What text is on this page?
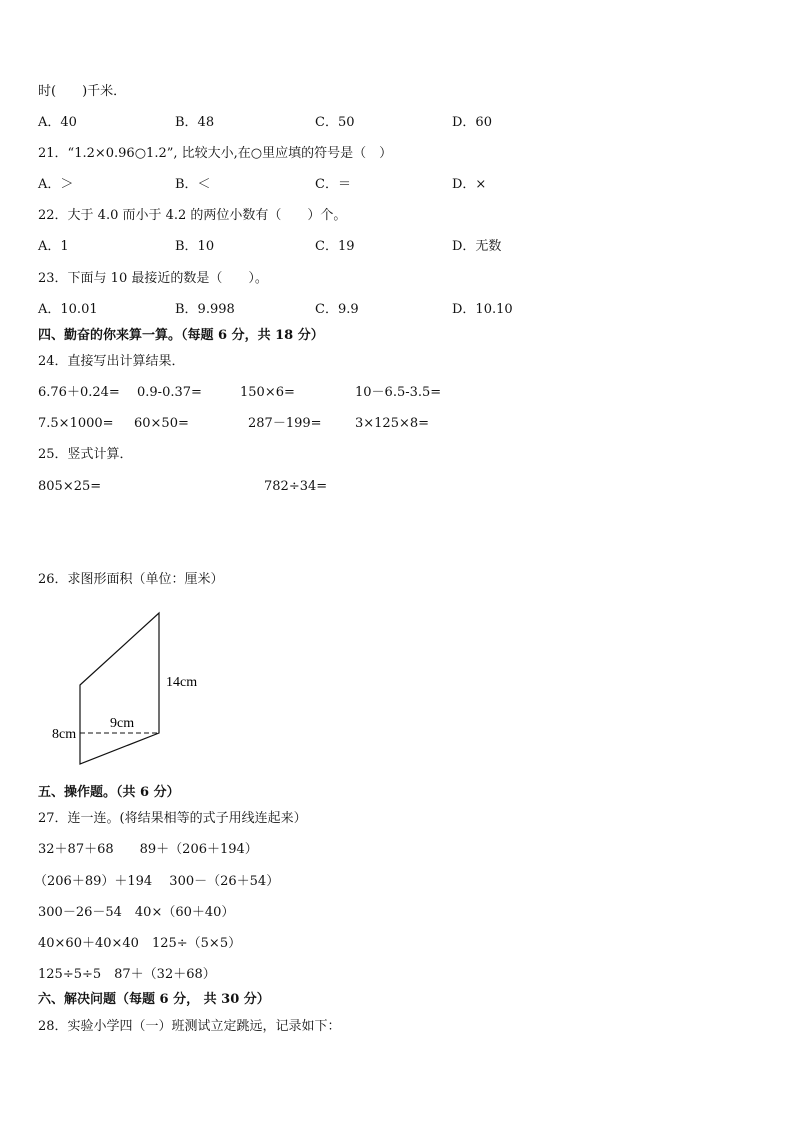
时(　　)千米．
A．40	B．48	C．50	D．60
21．“1.2×0.96○1.2”, 比较大小,在○里应填的符号是（　）
A．＞	B．＜	C．＝	D．×
22．大于 4.0 而小于 4.2 的两位小数有（　　）个。
A．1	B．10	C．19	D．无数
23．下面与 10 最接近的数是（　　）。
A．10.01	B．9.998	C．9.9	D．10.10
四、勤奋的你来算一算。（每题 6 分，共 18 分）
24．直接写出计算结果．
6.76＋0.24= 0.9-0.37=	150×6=	10－6.5-3.5=
7.5×1000= 60×50=	287－199=	3×125×8=
25．竖式计算．
805×25=	782÷34=
26．求图形面积（单位：厘米）
14cm
9cm
8cm
五、操作题。（共 6 分）
27．连一连。(将结果相等的式子用线连起来）
32＋87＋68　　89＋（206＋194）
（206＋89）＋194　 300－（26＋54）
300－26－54　40×（60＋40）
40×60＋40×40　125÷（5×5）
125÷5÷5　87＋（32＋68）
六、解决问题（每题 6 分， 共 30 分）
28．实验小学四（一）班测试立定跳远，记录如下：
